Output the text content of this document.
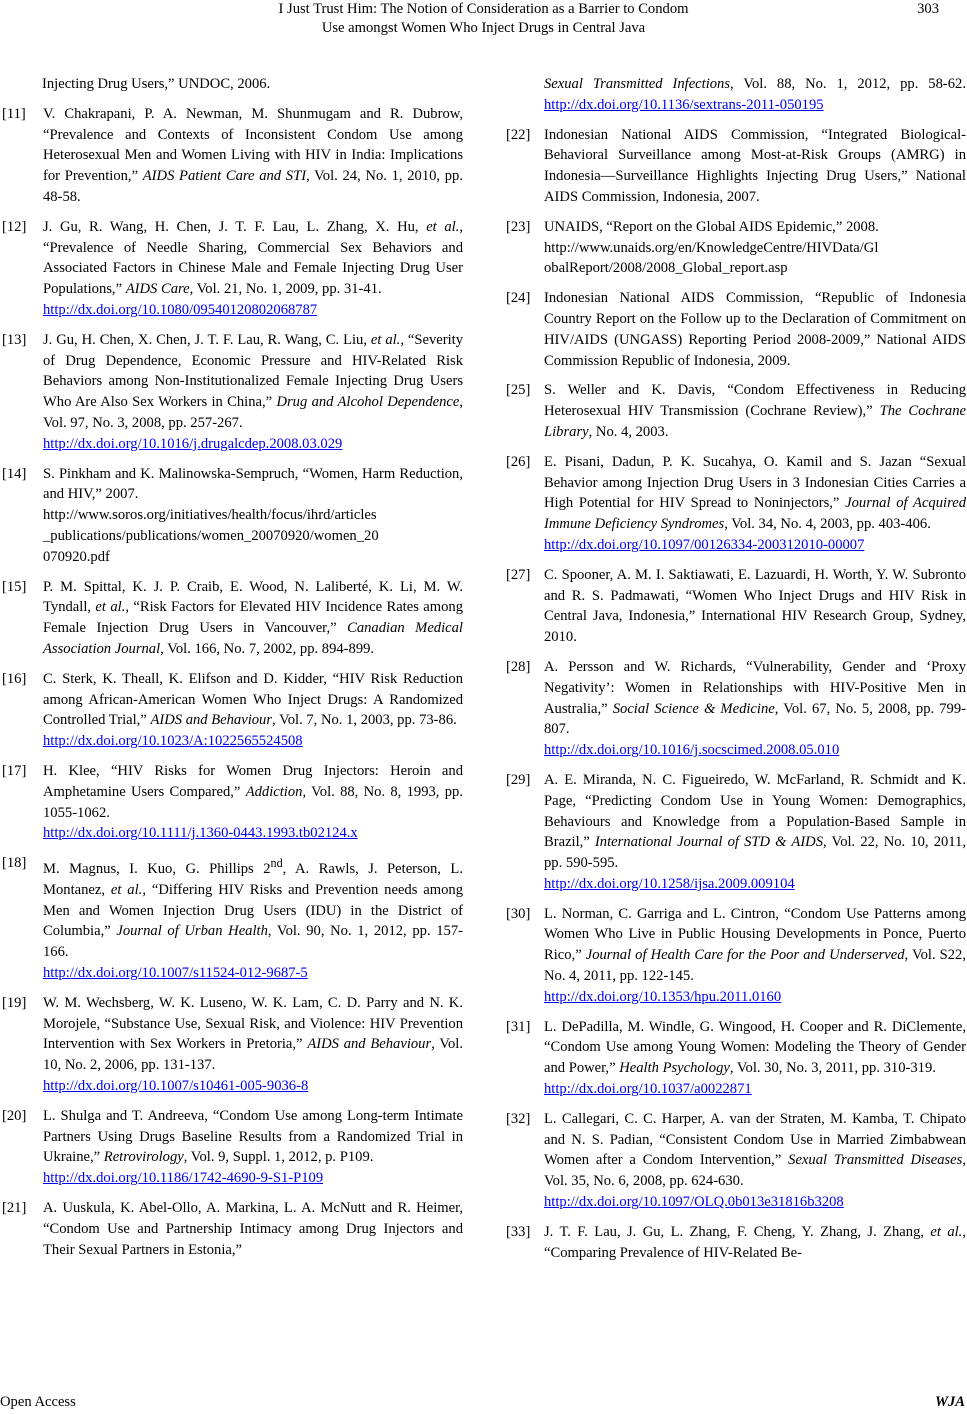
I Just Trust Him: The Notion of Consideration as a Barrier to Condom
Use amongst Women Who Inject Drugs in Central Java
303
Injecting Drug Users,” UNDOC, 2006.
[11] V. Chakrapani, P. A. Newman, M. Shunmugam and R. Dubrow, “Prevalence and Contexts of Inconsistent Condom Use among Heterosexual Men and Women Living with HIV in India: Implications for Prevention,” AIDS Patient Care and STI, Vol. 24, No. 1, 2010, pp. 48-58.
[12] J. Gu, R. Wang, H. Chen, J. T. F. Lau, L. Zhang, X. Hu, et al., “Prevalence of Needle Sharing, Commercial Sex Behaviors and Associated Factors in Chinese Male and Female Injecting Drug User Populations,” AIDS Care, Vol. 21, No. 1, 2009, pp. 31-41.
http://dx.doi.org/10.1080/09540120802068787
[13] J. Gu, H. Chen, X. Chen, J. T. F. Lau, R. Wang, C. Liu, et al., “Severity of Drug Dependence, Economic Pressure and HIV-Related Risk Behaviors among Non-Institutionalized Female Injecting Drug Users Who Are Also Sex Workers in China,” Drug and Alcohol Dependence, Vol. 97, No. 3, 2008, pp. 257-267.
http://dx.doi.org/10.1016/j.drugalcdep.2008.03.029
[14] S. Pinkham and K. Malinowska-Sempruch, “Women, Harm Reduction, and HIV,” 2007.
http://www.soros.org/initiatives/health/focus/ihrd/articles
_publications/publications/women_20070920/women_20
070920.pdf
[15] P. M. Spittal, K. J. P. Craib, E. Wood, N. Laliberté, K. Li, M. W. Tyndall, et al., “Risk Factors for Elevated HIV Incidence Rates among Female Injection Drug Users in Vancouver,” Canadian Medical Association Journal, Vol. 166, No. 7, 2002, pp. 894-899.
[16] C. Sterk, K. Theall, K. Elifson and D. Kidder, “HIV Risk Reduction among African-American Women Who Inject Drugs: A Randomized Controlled Trial,” AIDS and Behaviour, Vol. 7, No. 1, 2003, pp. 73-86.
http://dx.doi.org/10.1023/A:1022565524508
[17] H. Klee, “HIV Risks for Women Drug Injectors: Heroin and Amphetamine Users Compared,” Addiction, Vol. 88, No. 8, 1993, pp. 1055-1062.
http://dx.doi.org/10.1111/j.1360-0443.1993.tb02124.x
[18] M. Magnus, I. Kuo, G. Phillips 2nd, A. Rawls, J. Peterson, L. Montanez, et al., “Differing HIV Risks and Prevention needs among Men and Women Injection Drug Users (IDU) in the District of Columbia,” Journal of Urban Health, Vol. 90, No. 1, 2012, pp. 157-166.
http://dx.doi.org/10.1007/s11524-012-9687-5
[19] W. M. Wechsberg, W. K. Luseno, W. K. Lam, C. D. Parry and N. K. Morojele, “Substance Use, Sexual Risk, and Violence: HIV Prevention Intervention with Sex Workers in Pretoria,” AIDS and Behaviour, Vol. 10, No. 2, 2006, pp. 131-137.
http://dx.doi.org/10.1007/s10461-005-9036-8
[20] L. Shulga and T. Andreeva, “Condom Use among Long-term Intimate Partners Using Drugs Baseline Results from a Randomized Trial in Ukraine,” Retrovirology, Vol. 9, Suppl. 1, 2012, p. P109.
http://dx.doi.org/10.1186/1742-4690-9-S1-P109
[21] A. Uuskula, K. Abel-Ollo, A. Markina, L. A. McNutt and R. Heimer, “Condom Use and Partnership Intimacy among Drug Injectors and Their Sexual Partners in Estonia,”
Sexual Transmitted Infections, Vol. 88, No. 1, 2012, pp. 58-62. http://dx.doi.org/10.1136/sextrans-2011-050195
[22] Indonesian National AIDS Commission, “Integrated Biological-Behavioral Surveillance among Most-at-Risk Groups (AMRG) in Indonesia—Surveillance Highlights Injecting Drug Users,” National AIDS Commission, Indonesia, 2007.
[23] UNAIDS, “Report on the Global AIDS Epidemic,” 2008.
http://www.unaids.org/en/KnowledgeCentre/HIVData/Gl
obalReport/2008/2008_Global_report.asp
[24] Indonesian National AIDS Commission, “Republic of Indonesia Country Report on the Follow up to the Declaration of Commitment on HIV/AIDS (UNGASS) Reporting Period 2008-2009,” National AIDS Commission Republic of Indonesia, 2009.
[25] S. Weller and K. Davis, “Condom Effectiveness in Reducing Heterosexual HIV Transmission (Cochrane Review),” The Cochrane Library, No. 4, 2003.
[26] E. Pisani, Dadun, P. K. Sucahya, O. Kamil and S. Jazan “Sexual Behavior among Injection Drug Users in 3 Indonesian Cities Carries a High Potential for HIV Spread to Noninjectors,” Journal of Acquired Immune Deficiency Syndromes, Vol. 34, No. 4, 2003, pp. 403-406.
http://dx.doi.org/10.1097/00126334-200312010-00007
[27] C. Spooner, A. M. I. Saktiawati, E. Lazuardi, H. Worth, Y. W. Subronto and R. S. Padmawati, “Women Who Inject Drugs and HIV Risk in Central Java, Indonesia,” International HIV Research Group, Sydney, 2010.
[28] A. Persson and W. Richards, “Vulnerability, Gender and ‘Proxy Negativity’: Women in Relationships with HIV-Positive Men in Australia,” Social Science & Medicine, Vol. 67, No. 5, 2008, pp. 799-807.
http://dx.doi.org/10.1016/j.socscimed.2008.05.010
[29] A. E. Miranda, N. C. Figueiredo, W. McFarland, R. Schmidt and K. Page, “Predicting Condom Use in Young Women: Demographics, Behaviours and Knowledge from a Population-Based Sample in Brazil,” International Journal of STD & AIDS, Vol. 22, No. 10, 2011, pp. 590-595.
http://dx.doi.org/10.1258/ijsa.2009.009104
[30] L. Norman, C. Garriga and L. Cintron, “Condom Use Patterns among Women Who Live in Public Housing Developments in Ponce, Puerto Rico,” Journal of Health Care for the Poor and Underserved, Vol. S22, No. 4, 2011, pp. 122-145.
http://dx.doi.org/10.1353/hpu.2011.0160
[31] L. DePadilla, M. Windle, G. Wingood, H. Cooper and R. DiClemente, “Condom Use among Young Women: Modeling the Theory of Gender and Power,” Health Psychology, Vol. 30, No. 3, 2011, pp. 310-319.
http://dx.doi.org/10.1037/a0022871
[32] L. Callegari, C. C. Harper, A. van der Straten, M. Kamba, T. Chipato and N. S. Padian, “Consistent Condom Use in Married Zimbabwean Women after a Condom Intervention,” Sexual Transmitted Diseases, Vol. 35, No. 6, 2008, pp. 624-630.
http://dx.doi.org/10.1097/OLQ.0b013e31816b3208
[33] J. T. F. Lau, J. Gu, L. Zhang, F. Cheng, Y. Zhang, J. Zhang, et al., “Comparing Prevalence of HIV-Related Be-
Open Access	WJA
